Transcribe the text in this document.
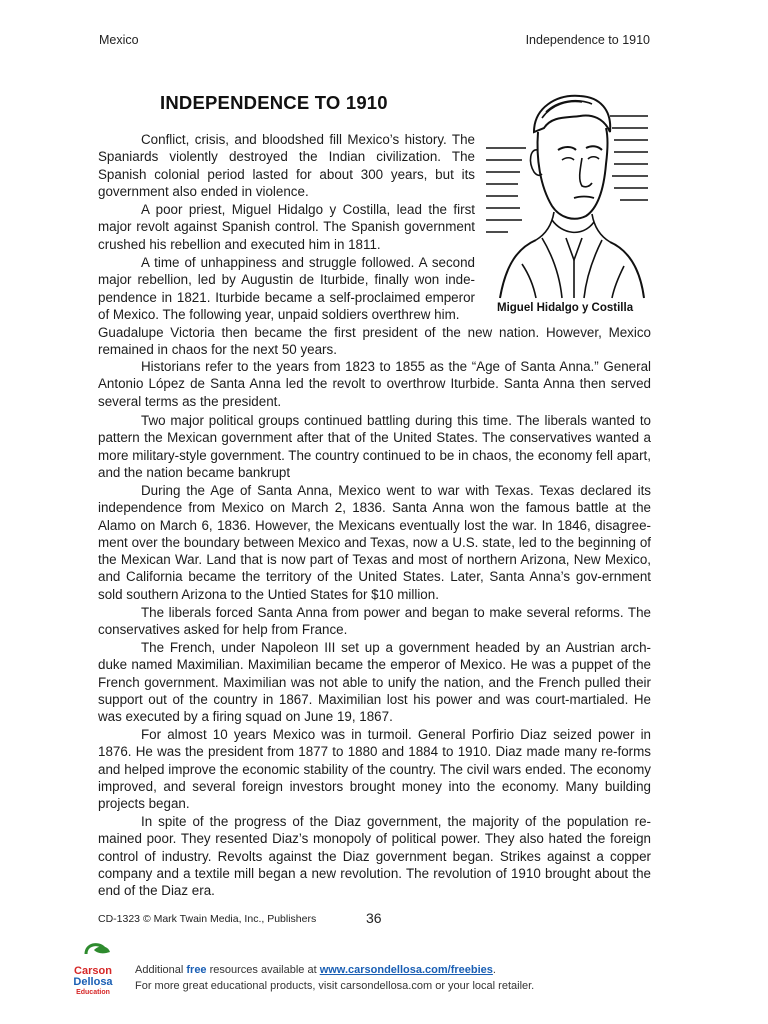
Mexico	Independence to 1910
INDEPENDENCE TO 1910
Miguel Hidalgo y Costilla

Conflict, crisis, and bloodshed fill Mexico’s history. The Spaniards violently destroyed the Indian civilization. The Spanish colonial period lasted for about 300 years, but its government also ended in violence.

A poor priest, Miguel Hidalgo y Costilla, lead the first major revolt against Spanish control. The Spanish government crushed his rebellion and executed him in 1811.

A time of unhappiness and struggle followed. A second major rebellion, led by Augustin de Iturbide, finally won inde-pendence in 1821. Iturbide became a self-proclaimed emperor of Mexico. The following year, unpaid soldiers overthrew him.

Guadalupe Victoria then became the first president of the new nation. However, Mexico remained in chaos for the next 50 years.

Historians refer to the years from 1823 to 1855 as the “Age of Santa Anna.” General Antonio López de Santa Anna led the revolt to overthrow Iturbide. Santa Anna then served several terms as the president.

Two major political groups continued battling during this time. The liberals wanted to pattern the Mexican government after that of the United States. The conservatives wanted a more military-style government. The country continued to be in chaos, the economy fell apart, and the nation became bankrupt

During the Age of Santa Anna, Mexico went to war with Texas. Texas declared its independence from Mexico on March 2, 1836. Santa Anna won the famous battle at the Alamo on March 6, 1836. However, the Mexicans eventually lost the war. In 1846, disagree-ment over the boundary between Mexico and Texas, now a U.S. state, led to the beginning of the Mexican War. Land that is now part of Texas and most of northern Arizona, New Mexico, and California became the territory of the United States. Later, Santa Anna’s gov-ernment sold southern Arizona to the Untied States for $10 million.

The liberals forced Santa Anna from power and began to make several reforms. The conservatives asked for help from France.

The French, under Napoleon III set up a government headed by an Austrian arch-duke named Maximilian. Maximilian became the emperor of Mexico. He was a puppet of the French government. Maximilian was not able to unify the nation, and the French pulled their support out of the country in 1867. Maximilian lost his power and was court-martialed. He was executed by a firing squad on June 19, 1867.

For almost 10 years Mexico was in turmoil. General Porfirio Diaz seized power in 1876. He was the president from 1877 to 1880 and 1884 to 1910. Diaz made many re-forms and helped improve the economic stability of the country. The civil wars ended. The economy improved, and several foreign investors brought money into the economy. Many building projects began.

In spite of the progress of the Diaz government, the majority of the population re-mained poor. They resented Diaz’s monopoly of political power. They also hated the foreign control of industry. Revolts against the Diaz government began. Strikes against a copper company and a textile mill began a new revolution. The revolution of 1910 brought about the end of the Diaz era.

CD-1323 © Mark Twain Media, Inc., Publishers	36
Carson
Dellosa
Education
Additional free resources available at www.carsondellosa.com/freebies.
For more great educational products, visit carsondellosa.com or your local retailer.
